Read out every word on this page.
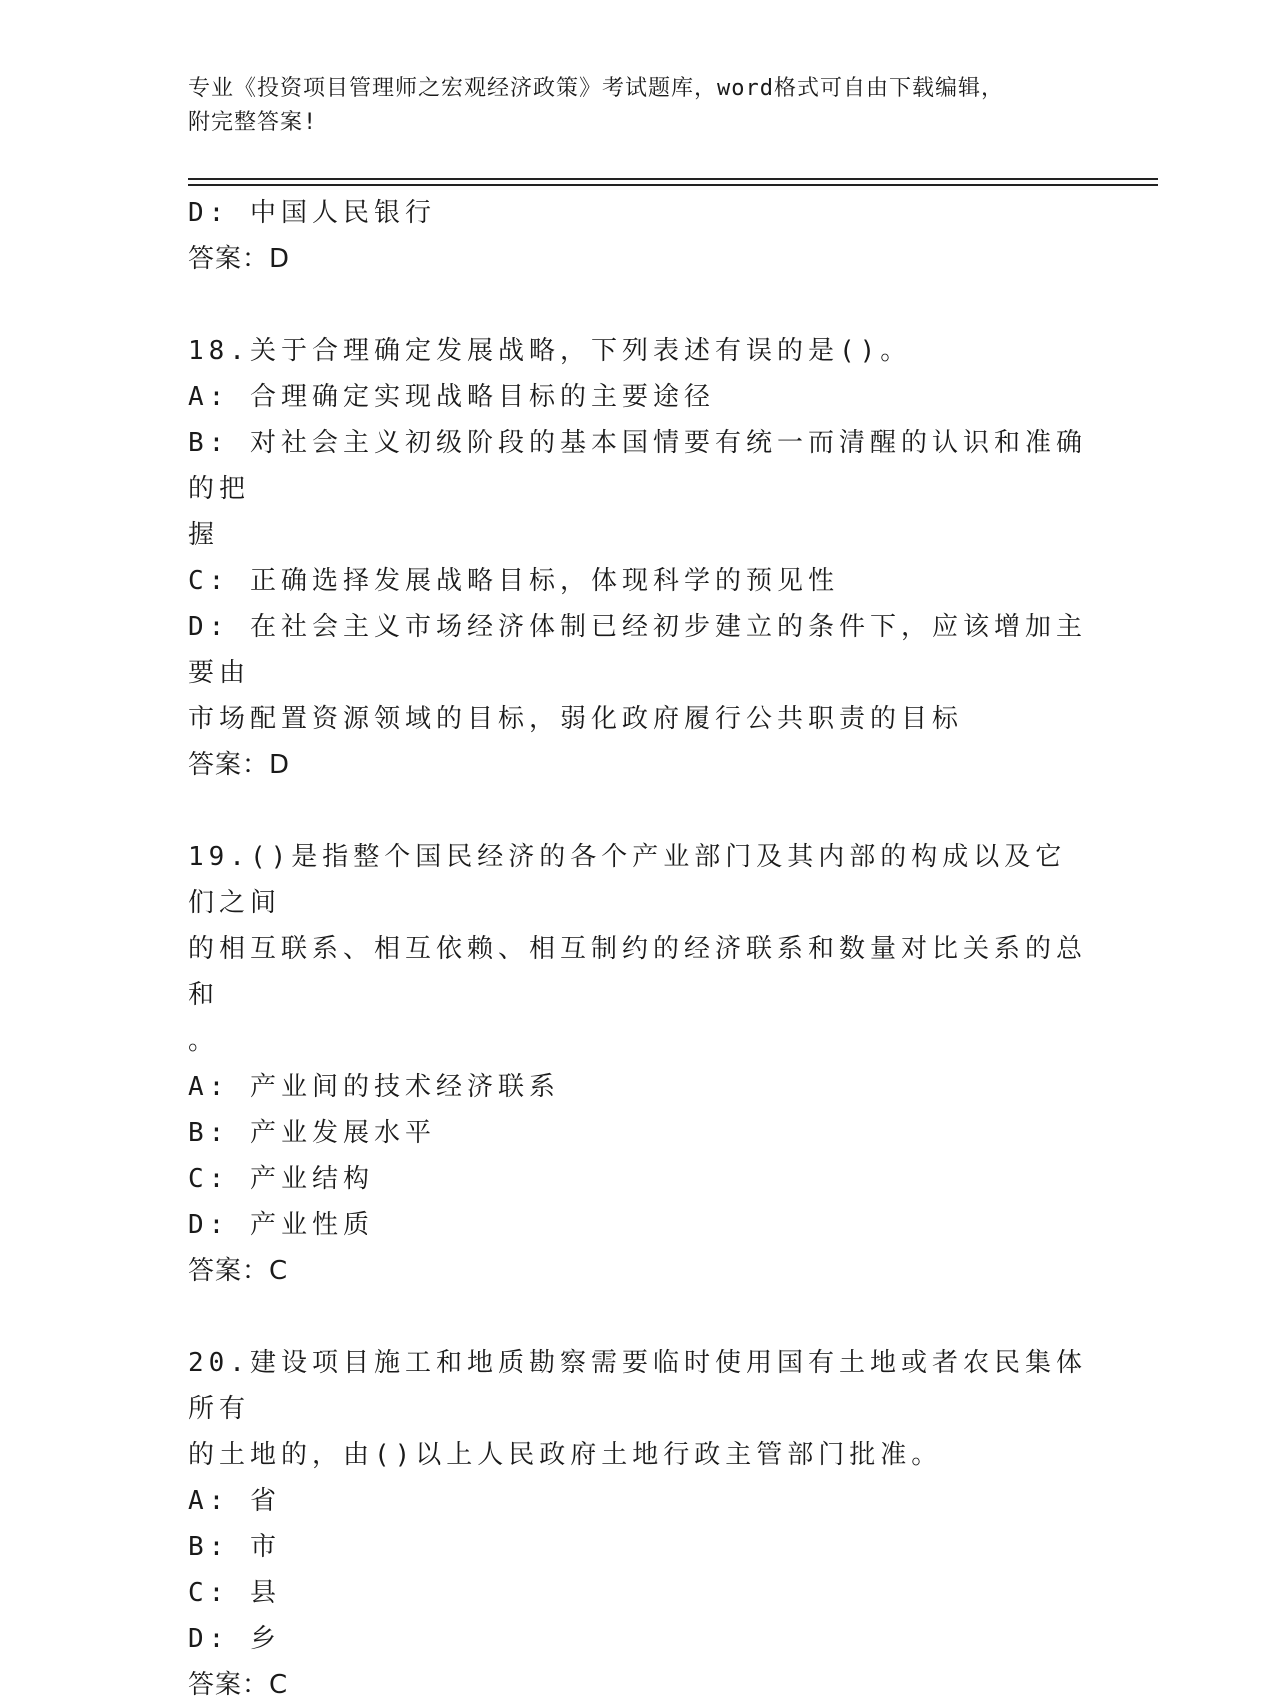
专业《投资项目管理师之宏观经济政策》考试题库，word格式可自由下载编辑，
附完整答案!
D: 中国人民银行
答案：D
18.关于合理确定发展战略，下列表述有误的是()。
A: 合理确定实现战略目标的主要途径
B: 对社会主义初级阶段的基本国情要有统一而清醒的认识和准确的把
握
C: 正确选择发展战略目标，体现科学的预见性
D: 在社会主义市场经济体制已经初步建立的条件下，应该增加主要由
市场配置资源领域的目标，弱化政府履行公共职责的目标
答案：D
19.()是指整个国民经济的各个产业部门及其内部的构成以及它们之间
的相互联系、相互依赖、相互制约的经济联系和数量对比关系的总和
。
A: 产业间的技术经济联系
B: 产业发展水平
C: 产业结构
D: 产业性质
答案：C
20.建设项目施工和地质勘察需要临时使用国有土地或者农民集体所有
的土地的，由()以上人民政府土地行政主管部门批准。
A: 省
B: 市
C: 县
D: 乡
答案：C
